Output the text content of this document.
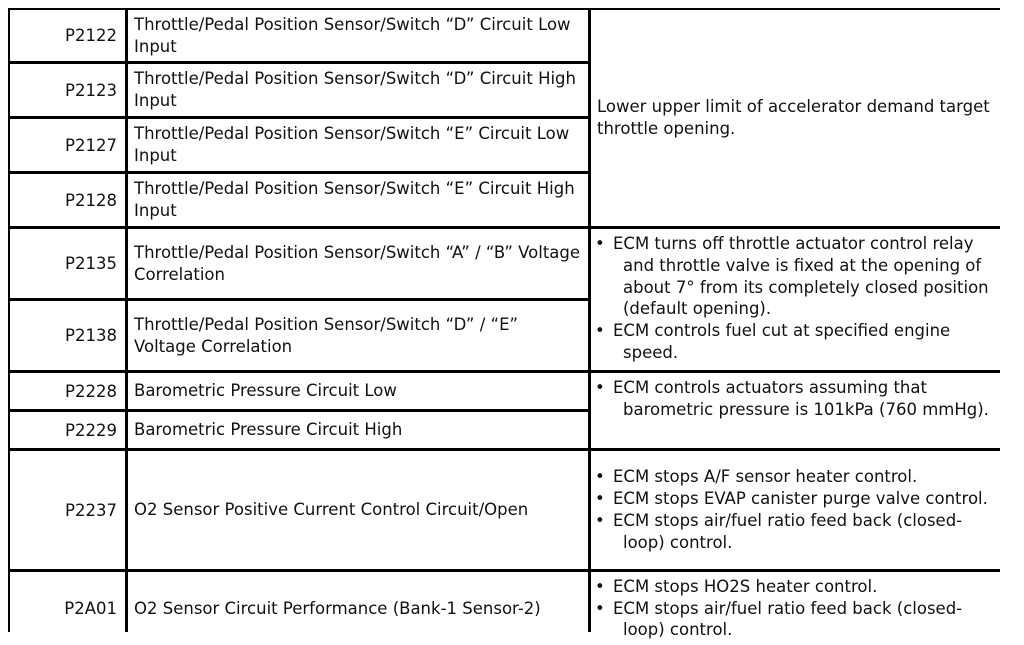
P2122
Throttle/Pedal Position Sensor/Switch “D” Circuit Low Input
Lower upper limit of accelerator demand target throttle opening.
P2123
Throttle/Pedal Position Sensor/Switch “D” Circuit High Input
P2127
Throttle/Pedal Position Sensor/Switch “E” Circuit Low Input
P2128
Throttle/Pedal Position Sensor/Switch “E” Circuit High Input
P2135
Throttle/Pedal Position Sensor/Switch “A” / “B” Voltage Correlation
• ECM turns off throttle actuator control relay and throttle valve is fixed at the opening of about 7° from its completely closed position (default opening).
• ECM controls fuel cut at specified engine speed.
P2138
Throttle/Pedal Position Sensor/Switch “D” / “E” Voltage Correlation
P2228	Barometric Pressure Circuit Low
•	ECM controls actuators assuming that barometric pressure is 101kPa (760 mmHg).
P2229	Barometric Pressure Circuit High
P2237	O2 Sensor Positive Current Control Circuit/Open
• ECM stops A/F sensor heater control.
• ECM stops EVAP canister purge valve control.
• ECM stops air/fuel ratio feed back (closed-loop) control.
P2A01	O2 Sensor Circuit Performance (Bank-1 Sensor-2)
• ECM stops HO2S heater control.
• ECM stops air/fuel ratio feed back (closed-loop) control.
